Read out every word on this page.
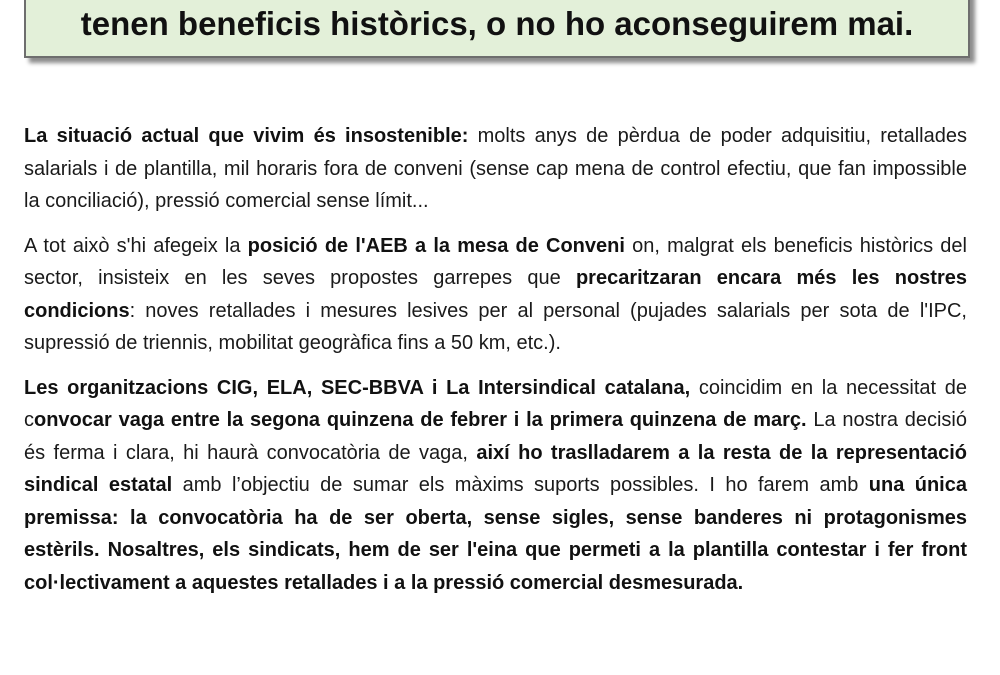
tenen beneficis històrics, o no ho aconseguirem mai.

La situació actual que vivim és insostenible: molts anys de pèrdua de poder adquisitiu, retallades salarials i de plantilla, mil horaris fora de conveni (sense cap mena de control efectiu, que fan impossible la conciliació), pressió comercial sense límit...

A tot això s'hi afegeix la posició de l'AEB a la mesa de Conveni on, malgrat els beneficis històrics del sector, insisteix en les seves propostes garrepes que precaritzaran encara més les nostres condicions: noves retallades i mesures lesives per al personal (pujades salarials per sota de l'IPC, supressió de triennis, mobilitat geogràfica fins a 50 km, etc.).

Les organitzacions CIG, ELA, SEC-BBVA i La Intersindical catalana, coincidim en la necessitat de convocar vaga entre la segona quinzena de febrer i la primera quinzena de març. La nostra decisió és ferma i clara, hi haurà convocatòria de vaga, així ho traslladarem a la resta de la representació sindical estatal amb l’objectiu de sumar els màxims suports possibles. I ho farem amb una única premissa: la convocatòria ha de ser oberta, sense sigles, sense banderes ni protagonismes estèrils. Nosaltres, els sindicats, hem de ser l'eina que permeti a la plantilla contestar i fer front col·lectivament a aquestes retallades i a la pressió comercial desmesurada.
